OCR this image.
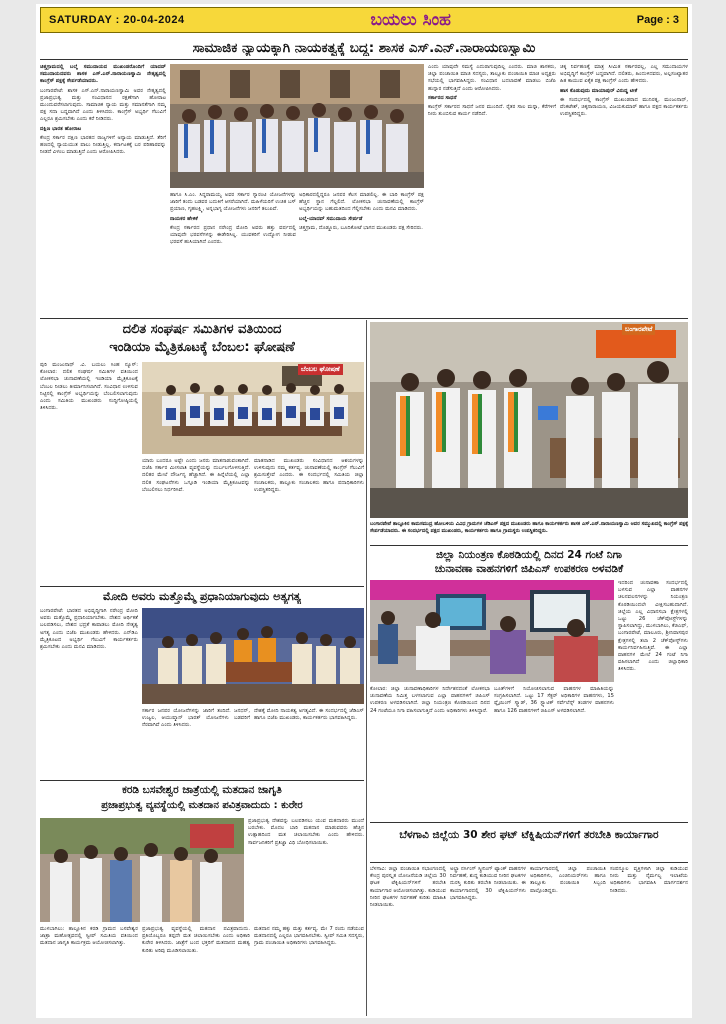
SATURDAY : 20-04-2024	ಬಯಲು ಸಿಂಹ	Page : 3
ಸಾಮಾಜಿಕ ನ್ಯಾಯಕ್ಕಾಗಿ ನಾಯಕತ್ವಕ್ಕೆ ಬದ್ಧ: ಶಾಸಕ ಎಸ್.ಎನ್.ನಾರಾಯಣಸ್ವಾಮಿ

ಚಿತ್ತಗ್ರಾಮದಲ್ಲಿ ಬಲ್ಮೆ ಸಮುದಾಯದ ಮುಖಂಡರೊಂದಿಗೆ ಯಾದವ್ ಸಮುದಾಯದವರು ಶಾಸಕ ಎಸ್.ಎನ್.ನಾರಾಯಣಸ್ವಾಮಿ ನೇತೃತ್ವದಲ್ಲಿ ಕಾಂಗ್ರೆಸ್ ಪಕ್ಷಕ್ಕೆ ಸೇರ್ಪಡೆಯಾದರು.

ಬಂಗಾರಪೇಟೆ: ಶಾಸಕ ಎಸ್.ಎನ್.ನಾರಾಯಣಸ್ವಾಮಿ ಅವರ ನೇತೃತ್ವದಲ್ಲಿ ಪ್ರಜಾಪ್ರಭುತ್ವ ಮತ್ತು ಸಂವಿಧಾನದ ರಕ್ಷಣೆಗಾಗಿ ಹೋರಾಟ ಮುಂದುವರೆಸಲಾಗುವುದು. ಸಾಮಾಜಿಕ ನ್ಯಾಯ ಮತ್ತು ಸಮಾನತೆಗಾಗಿ ನಮ್ಮ ಪಕ್ಷ ಸದಾ ಬದ್ಧವಾಗಿದೆ ಎಂದು ತಿಳಿಸಿದರು. ಕಾಂಗ್ರೆಸ್ ಅಭ್ಯರ್ಥಿ ಗೆಲುವಿಗೆ ಎಲ್ಲರೂ ಶ್ರಮಿಸಬೇಕು ಎಂದು ಕರೆ ನೀಡಿದರು.

ದಕ್ಷಿಣ ಭಾರತ ಹೋರಾಟ

ಕೇಂದ್ರ ಸರ್ಕಾರ ದಕ್ಷಿಣ ಭಾರತದ ರಾಜ್ಯಗಳಿಗೆ ಅನ್ಯಾಯ ಮಾಡುತ್ತಿದೆ. ತೆರಿಗೆ ಹಣದಲ್ಲಿ ನ್ಯಾಯಯುತ ಪಾಲು ನೀಡುತ್ತಿಲ್ಲ. ಕರ್ನಾಟಕಕ್ಕೆ ಬರ ಪರಿಹಾರವನ್ನು ನೀಡದೆ ವಿಳಂಬ ಮಾಡುತ್ತಿದೆ ಎಂದು ಆರೋಪಿಸಿದರು.

ಹಾಗೂ ಸಿ.ಎಂ. ಸಿದ್ದರಾಮಯ್ಯ ಅವರ ಸರ್ಕಾರ ಗ್ಯಾರಂಟಿ ಯೋಜನೆಗಳನ್ನು ಜಾರಿಗೆ ತಂದು ಬಡವರ ಬದುಕಿಗೆ ಆಸರೆಯಾಗಿದೆ. ಮಹಿಳೆಯರಿಗೆ ಉಚಿತ ಬಸ್ ಪ್ರಯಾಣ, ಗೃಹಲಕ್ಷ್ಮಿ, ಅನ್ನಭಾಗ್ಯ ಯೋಜನೆಗಳು ಜನರಿಗೆ ತಲುಪಿವೆ.

ನಾಯಕರ ಹೇಳಿಕೆ

ಕೇಂದ್ರ ಸರ್ಕಾರದ ಪ್ರಧಾನ ನರೇಂದ್ರ ಮೋದಿ ಅವರು ಹತ್ತು ವರ್ಷದಲ್ಲಿ ಯಾವುದೇ ಭರವಸೆಗಳನ್ನು ಈಡೇರಿಸಿಲ್ಲ. ಯುವಕರಿಗೆ ಉದ್ಯೋಗ ನೀಡುವ ಭರವಸೆ ಹುಸಿಯಾಗಿದೆ ಎಂದರು.

ಅಧಿಕಾರದಲ್ಲಿದ್ದರೂ ಜನಪರ ಕೆಲಸ ಮಾಡಲಿಲ್ಲ. ಈ ಬಾರಿ ಕಾಂಗ್ರೆಸ್ ಪಕ್ಷ ಹೆಚ್ಚಿನ ಸ್ಥಾನ ಗೆಲ್ಲಲಿದೆ. ಲೋಕಸಭಾ ಚುನಾವಣೆಯಲ್ಲಿ ಕಾಂಗ್ರೆಸ್ ಅಭ್ಯರ್ಥಿಯನ್ನು ಬಹುಮತದಿಂದ ಗೆಲ್ಲಿಸಬೇಕು ಎಂದು ಮನವಿ ಮಾಡಿದರು.

ಬಲ್ಮೆ-ಯಾದವ್ ಸಮುದಾಯ ಸೇರ್ಪಡೆ

ಚಿತ್ತಗ್ರಾಮ, ದೊಡ್ಡೂರು, ಬೂದಿಕೋಟೆ ಭಾಗದ ಮುಖಂಡರು ಪಕ್ಷ ಸೇರಿದರು.

ಎಂದು ಯಾವುದೇ ಸಮಸ್ಯೆ ಎದುರಾಗುವುದಿಲ್ಲ ಎಂದರು. ಮಾಜಿ ಶಾಸಕರು, ಜಿಲ್ಲಾ ಪಂಚಾಯಿತಿ ಮಾಜಿ ಸದಸ್ಯರು, ತಾಲ್ಲೂಕು ಪಂಚಾಯಿತಿ ಮಾಜಿ ಅಧ್ಯಕ್ಷರು ಸಭೆಯಲ್ಲಿ ಭಾಗವಹಿಸಿದ್ದರು. ಸಂವಿಧಾನ ಬದಲಾವಣೆ ಮಾಡಲು ಬಿಜೆಪಿ ಹುನ್ನಾರ ನಡೆಸುತ್ತಿದೆ ಎಂದು ಆರೋಪಿಸಿದರು.

ಸರ್ಕಾರದ ಸಾಧನೆ

ಕಾಂಗ್ರೆಸ್ ಸರ್ಕಾರದ ಸಾಧನೆ ಜನರ ಮುಂದಿದೆ. ರೈತರ ಸಾಲ ಮನ್ನಾ, ಕೆರೆಗಳಿಗೆ ನೀರು ತುಂಬಿಸುವ ಕಾರ್ಯ ನಡೆದಿದೆ.

ಚಿಕ್ಕ ನಿರ್ವಹಣಕ್ಕೆ ಮಾತ್ರ ಸೀಮಿತ ಸರ್ಕಾರವಲ್ಲ, ಎಲ್ಲ ಸಮುದಾಯಗಳ ಅಭಿವೃದ್ಧಿಗೆ ಕಾಂಗ್ರೆಸ್ ಬದ್ಧವಾಗಿದೆ. ದಲಿತರು, ಹಿಂದುಳಿದವರು, ಅಲ್ಪಸಂಖ್ಯಾತರ ಹಿತ ಕಾಯುವ ಏಕೈಕ ಪಕ್ಷ ಕಾಂಗ್ರೆಸ್ ಎಂದು ಹೇಳಿದರು.

ಹಾಸ ಕೊಡುವುದು ಮಾಯಾಪುರ್ ವಿರುದ್ಧ ಟೀಕೆ

ಈ ಸಂದರ್ಭದಲ್ಲಿ ಕಾಂಗ್ರೆಸ್ ಮುಖಂಡರಾದ ಮುನಿರತ್ನ, ಮಂಜುನಾಥ್, ವೆಂಕಟೇಶ್, ಚಿಕ್ಕನಾರಾಯಣ, ವಿಜಯಕುಮಾರ್ ಹಾಗೂ ಪಕ್ಷದ ಕಾರ್ಯಕರ್ತರು ಉಪಸ್ಥಿತರಿದ್ದರು.

ದಲಿತ ಸಂಘರ್ಷ ಸಮಿತಿಗಳ ವತಿಯಿಂದ
ಇಂಡಿಯಾ ಮೈತ್ರಿಕೂಟಕ್ಕೆ ಬೆಂಬಲ: ಘೋಷಣೆ

ಪುರಿ ಮಂಜುನಾಥ್ .ವಿ. ಬಯಲು ಸಿಂಹ ನ್ಯೂಸ್: ಕೋಲಾರ: ದಲಿತ ಸಂಘರ್ಷ ಸಮಿತಿಗಳ ವತಿಯಿಂದ ಲೋಕಸಭಾ ಚುನಾವಣೆಯಲ್ಲಿ ಇಂಡಿಯಾ ಮೈತ್ರಿಕೂಟಕ್ಕೆ ಬೆಂಬಲ ನೀಡಲು ತೀರ್ಮಾನಿಸಲಾಗಿದೆ. ಸಂವಿಧಾನ ಉಳಿಸುವ ನಿಟ್ಟಿನಲ್ಲಿ ಕಾಂಗ್ರೆಸ್ ಅಭ್ಯರ್ಥಿಯನ್ನು ಬೆಂಬಲಿಸಲಾಗುವುದು ಎಂದು ಸಮಿತಿಯ ಮುಖಂಡರು ಸುದ್ದಿಗೋಷ್ಠಿಯಲ್ಲಿ ತಿಳಿಸಿದರು.

ಬೆಂಬಲ ಘೋಷಣೆ

ಯಾರು ಬಂದರೂ ಅಷ್ಟೇ ಎಂದು ಜನರು ಮಾತನಾಡುವಂತಾಗಿದೆ. ಬಿಜೆಪಿ ಸರ್ಕಾರ ಮೀಸಲಾತಿ ವ್ಯವಸ್ಥೆಯನ್ನು ದುರ್ಬಲಗೊಳಿಸುತ್ತಿದೆ. ದಲಿತರ ಮೇಲೆ ದೌರ್ಜನ್ಯ ಹೆಚ್ಚಾಗಿದೆ. ಈ ಹಿನ್ನೆಲೆಯಲ್ಲಿ ಎಲ್ಲಾ ದಲಿತ ಸಂಘಟನೆಗಳು ಒಗ್ಗೂಡಿ ಇಂಡಿಯಾ ಮೈತ್ರಿಕೂಟವನ್ನು ಬೆಂಬಲಿಸಲು ನಿರ್ಧರಿಸಿವೆ.

ಮಾತನಾಡಿದ ಮುಖಂಡರು ಸಂವಿಧಾನದ ಆಶಯಗಳನ್ನು ಉಳಿಸುವುದು ನಮ್ಮ ಕರ್ತವ್ಯ. ಚುನಾವಣೆಯಲ್ಲಿ ಕಾಂಗ್ರೆಸ್ ಗೆಲುವಿಗೆ ಶ್ರಮಿಸುತ್ತೇವೆ ಎಂದರು. ಈ ಸಂದರ್ಭದಲ್ಲಿ ಸಮಿತಿಯ ಜಿಲ್ಲಾ ಸಂಚಾಲಕರು, ತಾಲ್ಲೂಕು ಸಂಚಾಲಕರು ಹಾಗೂ ಪದಾಧಿಕಾರಿಗಳು ಉಪಸ್ಥಿತರಿದ್ದರು.

ಬಂಗಾರಪೇಟೆ
ಬಂಗಾರಪೇಟೆ ತಾಲ್ಲೂಕಿನ ಕಾಮಸಮುದ್ರ ಹೋಬಳಿಯ ವಿವಿಧ ಗ್ರಾಮಗಳ ಜೆಡಿಎಸ್ ಪಕ್ಷದ ಮುಖಂಡರು ಹಾಗೂ ಕಾರ್ಯಕರ್ತರು ಶಾಸಕ ಎಸ್.ಎನ್.ನಾರಾಯಣಸ್ವಾಮಿ ಅವರ ಸಮ್ಮುಖದಲ್ಲಿ ಕಾಂಗ್ರೆಸ್ ಪಕ್ಷಕ್ಕೆ ಸೇರ್ಪಡೆಯಾದರು. ಈ ಸಂದರ್ಭದಲ್ಲಿ ಪಕ್ಷದ ಮುಖಂಡರು, ಕಾರ್ಯಕರ್ತರು ಹಾಗೂ ಗ್ರಾಮಸ್ಥರು ಉಪಸ್ಥಿತರಿದ್ದರು.
ಜಿಲ್ಲಾ ನಿಯಂತ್ರಣ ಕೊಠಡಿಯಲ್ಲಿ ದಿನದ 24 ಗಂಟೆ ನಿಗಾ
ಚುನಾವಣಾ ವಾಹನಗಳಿಗೆ ಜಿಪಿಎಸ್ ಉಪಕರಣ ಅಳವಡಿಕೆ

ಇದರಿಂದ ಚುನಾವಣಾ ಸಂದರ್ಭದಲ್ಲಿ ಬಳಸುವ ಎಲ್ಲಾ ವಾಹನಗಳ ಚಲನವಲನಗಳನ್ನು ನಿಯಂತ್ರಣ ಕೊಠಡಿಯಿಂದಲೇ ವೀಕ್ಷಿಸಬಹುದಾಗಿದೆ. ಜಿಲ್ಲೆಯ ಎಲ್ಲ ವಿಧಾನಸಭಾ ಕ್ಷೇತ್ರಗಳಲ್ಲಿ ಒಟ್ಟು 26 ಚೆಕ್‌ಪೋಸ್ಟ್‌ಗಳನ್ನು ಸ್ಥಾಪಿಸಲಾಗಿದ್ದು, ಮುಳಬಾಗಿಲು, ಕೆಜಿಎಫ್, ಬಂಗಾರಪೇಟೆ, ಮಾಲೂರು, ಶ್ರೀನಿವಾಸಪುರ ಕ್ಷೇತ್ರಗಳಲ್ಲಿ ತಲಾ 2 ಚೆಕ್‌ಪೋಸ್ಟ್‌ಗಳು ಕಾರ್ಯನಿರ್ವಹಿಸುತ್ತಿವೆ. ಈ ಎಲ್ಲಾ ವಾಹನಗಳ ಮೇಲೆ 24 ಗಂಟೆ ನಿಗಾ ವಹಿಸಲಾಗಿದೆ ಎಂದು ಜಿಲ್ಲಾಧಿಕಾರಿ ತಿಳಿಸಿದರು.

ಕೋಲಾರ: ಜಿಲ್ಲಾ ಚುನಾವಣಾಧಿಕಾರಿಗಳ ನಿರ್ದೇಶನದಂತೆ ಲೋಕಸಭಾ ಚುನಾವಣೆಯ ನಿಮಿತ್ತ ಬಳಸಲಾಗುವ ಎಲ್ಲಾ ವಾಹನಗಳಿಗೆ ಜಿಪಿಎಸ್ ಉಪಕರಣ ಅಳವಡಿಸಲಾಗಿದೆ. ಜಿಲ್ಲಾ ನಿಯಂತ್ರಣ ಕೊಠಡಿಯಿಂದ ದಿನದ 24 ಗಂಟೆಯೂ ನಿಗಾ ವಹಿಸಲಾಗುತ್ತಿದೆ ಎಂದು ಅಧಿಕಾರಿಗಳು ತಿಳಿಸಿದ್ದಾರೆ.

ಬೂತ್‌ಗಳಿಗೆ ನಿಯೋಜಿಸಲಾಗುವ ವಾಹನಗಳ ಮಾಹಿತಿಯನ್ನು ಸಂಗ್ರಹಿಸಲಾಗಿದೆ. ಒಟ್ಟು 17 ಸೆಕ್ಟರ್ ಅಧಿಕಾರಿಗಳ ವಾಹನಗಳು, 15 ಫ್ಲೈಯಿಂಗ್ ಸ್ಕ್ವಾಡ್, 36 ಸ್ಟ್ಯಾಟಿಕ್ ಸರ್ವೆಲೆನ್ಸ್ ತಂಡಗಳ ವಾಹನಗಳು ಹಾಗೂ 126 ವಾಹನಗಳಿಗೆ ಜಿಪಿಎಸ್ ಅಳವಡಿಸಲಾಗಿದೆ.

ಮೋದಿ ಅವರು ಮತ್ತೊಮ್ಮೆ ಪ್ರಧಾನಿಯಾಗುವುದು ಅತ್ಯಗತ್ಯ

ಬಂಗಾರಪೇಟೆ: ಭಾರತದ ಅಭಿವೃದ್ಧಿಗಾಗಿ ನರೇಂದ್ರ ಮೋದಿ ಅವರು ಮತ್ತೊಮ್ಮೆ ಪ್ರಧಾನಿಯಾಗಬೇಕು. ದೇಶದ ಆರ್ಥಿಕತೆ ಬಲಪಡಿಸಲು, ದೇಶದ ಭದ್ರತೆ ಕಾಪಾಡಲು ಮೋದಿ ನೇತೃತ್ವ ಅಗತ್ಯ ಎಂದು ಬಿಜೆಪಿ ಮುಖಂಡರು ಹೇಳಿದರು. ಎನ್‌ಡಿಎ ಮೈತ್ರಿಕೂಟದ ಅಭ್ಯರ್ಥಿ ಗೆಲುವಿಗೆ ಕಾರ್ಯಕರ್ತರು ಶ್ರಮಿಸಬೇಕು ಎಂದು ಮನವಿ ಮಾಡಿದರು.

ಸರ್ಕಾರ ಜನಪರ ಯೋಜನೆಗಳನ್ನು ಜಾರಿಗೆ ತಂದಿದೆ. ಜನಧನ್, ಉಜ್ವಲ, ಆಯುಷ್ಮಾನ್ ಭಾರತ್ ಯೋಜನೆಗಳು ಬಡವರಿಗೆ ನೆರವಾಗಿವೆ ಎಂದು ತಿಳಿಸಿದರು.

ದೇಶಕ್ಕೆ ಮೋದಿ ನಾಯಕತ್ವ ಅಗತ್ಯವಿದೆ. ಈ ಸಂದರ್ಭದಲ್ಲಿ ಜೆಡಿಎಸ್ ಹಾಗೂ ಬಿಜೆಪಿ ಮುಖಂಡರು, ಕಾರ್ಯಕರ್ತರು ಭಾಗವಹಿಸಿದ್ದರು.

ಕರಡಿ ಬಸವೇಶ್ವರ ಜಾತ್ರೆಯಲ್ಲಿ ಮತದಾನ ಜಾಗೃತಿ
ಪ್ರಜಾಪ್ರಭುತ್ವ ವ್ಯವಸ್ಥೆಯಲ್ಲಿ ಮತದಾನ ಪವಿತ್ರವಾದುದು : ಕುರೇರ

ಪ್ರಜಾಪ್ರಭುತ್ವ ದೇಶವನ್ನು ಬಲಪಡಿಸಲು ಯುವ ಮತದಾರರು ಮುಂದೆ ಬರಬೇಕು. ಮೊದಲ ಬಾರಿ ಮತದಾನ ಮಾಡುವವರು ಹೆಚ್ಚಿನ ಉತ್ಸಾಹದಿಂದ ಮತ ಚಲಾಯಿಸಬೇಕು ಎಂದು ಹೇಳಿದರು. ಸಾರ್ವಜನಿಕರಿಗೆ ಪ್ರತಿಜ್ಞಾ ವಿಧಿ ಬೋಧಿಸಲಾಯಿತು.

ಮುಳಬಾಗಿಲು: ತಾಲ್ಲೂಕಿನ ಕರಡಿ ಗ್ರಾಮದ ಬಸವೇಶ್ವರ ಜಾತ್ರಾ ಮಹೋತ್ಸವದಲ್ಲಿ ಸ್ವೀಪ್ ಸಮಿತಿಯ ವತಿಯಿಂದ ಮತದಾನ ಜಾಗೃತಿ ಕಾರ್ಯಕ್ರಮ ಆಯೋಜಿಸಲಾಗಿತ್ತು.

ಪ್ರಜಾಪ್ರಭುತ್ವ ವ್ಯವಸ್ಥೆಯಲ್ಲಿ ಮತದಾನ ಪವಿತ್ರವಾದುದು. ಪ್ರತಿಯೊಬ್ಬರೂ ತಪ್ಪದೇ ಮತ ಚಲಾಯಿಸಬೇಕು ಎಂದು ಅಧಿಕಾರಿ ಕುರೇರ ತಿಳಿಸಿದರು. ಜಾತ್ರೆಗೆ ಬಂದ ಭಕ್ತರಿಗೆ ಮತದಾನದ ಮಹತ್ವ ಕುರಿತು ಅರಿವು ಮೂಡಿಸಲಾಯಿತು.

ಮತದಾನ ನಮ್ಮ ಹಕ್ಕು ಮತ್ತು ಕರ್ತವ್ಯ. ಮೇ 7 ರಂದು ನಡೆಯುವ ಮತದಾನದಲ್ಲಿ ಎಲ್ಲರೂ ಭಾಗವಹಿಸಬೇಕು. ಸ್ವೀಪ್ ಸಮಿತಿ ಸದಸ್ಯರು, ಗ್ರಾಮ ಪಂಚಾಯಿತಿ ಅಧಿಕಾರಿಗಳು ಭಾಗವಹಿಸಿದ್ದರು.

ಬೆಳಗಾವಿ ಜಿಲ್ಲೆಯ 30 ಶೇರ ಘಟ್ ಟೆಕ್ನಿಷಿಯನ್‌ಗಳಿಗೆ ತರಬೇತಿ ಕಾರ್ಯಾಗಾರ

ಬೆಳಗಾವಿ: ಜಿಲ್ಲಾ ಪಂಚಾಯಿತಿ ಸಭಾಂಗಣದಲ್ಲಿ ಕೇಂದ್ರ ಪುರಸ್ಕೃತ ಯೋಜನೆಯಡಿ ಜಿಲ್ಲೆಯ 30 ಘಟಕ ಟೆಕ್ನಿಷಿಯನ್‌ಗಳಿಗೆ ತರಬೇತಿ ಕಾರ್ಯಾಗಾರ ಆಯೋಜಿಸಲಾಗಿತ್ತು. ಕುಡಿಯುವ ನೀರಿನ ಘಟಕಗಳ ನಿರ್ವಹಣೆ ಕುರಿತು ಮಾಹಿತಿ ನೀಡಲಾಯಿತು.

ಅಲ್ಟ್ರಾ ನರ್ಸಿಂಗ್ ಸ್ಕ್ರೀನಿಂಗ್ ಟ್ಯಾಂಕ್ ವಾಹನಗಳ ನಿರ್ವಹಣೆ, ಶುದ್ಧ ಕುಡಿಯುವ ನೀರಿನ ಘಟಕಗಳ ದುರಸ್ತಿ ಕುರಿತು ತರಬೇತಿ ನೀಡಲಾಯಿತು. ಈ ಕಾರ್ಯಾಗಾರದಲ್ಲಿ 30 ಟೆಕ್ನಿಷಿಯನ್‌ಗಳು ಭಾಗವಹಿಸಿದ್ದರು.

ಕಾರ್ಯಾಗಾರದಲ್ಲಿ ಜಿಲ್ಲಾ ಪಂಚಾಯಿತಿ ಅಧಿಕಾರಿಗಳು, ಎಂಜಿನಿಯರ್‌ಗಳು ಹಾಗೂ ತಾಲ್ಲೂಕು ಪಂಚಾಯಿತಿ ಸಿಬ್ಬಂದಿ ಪಾಲ್ಗೊಂಡಿದ್ದರು.

ಸಂಪನ್ಮೂಲ ವ್ಯಕ್ತಿಗಳಾಗಿ ಜಿಲ್ಲಾ ಕುಡಿಯುವ ನೀರು ಮತ್ತು ನೈರ್ಮಲ್ಯ ಇಲಾಖೆಯ ಅಧಿಕಾರಿಗಳು ಭಾಗವಹಿಸಿ ಮಾರ್ಗದರ್ಶನ ನೀಡಿದರು.
